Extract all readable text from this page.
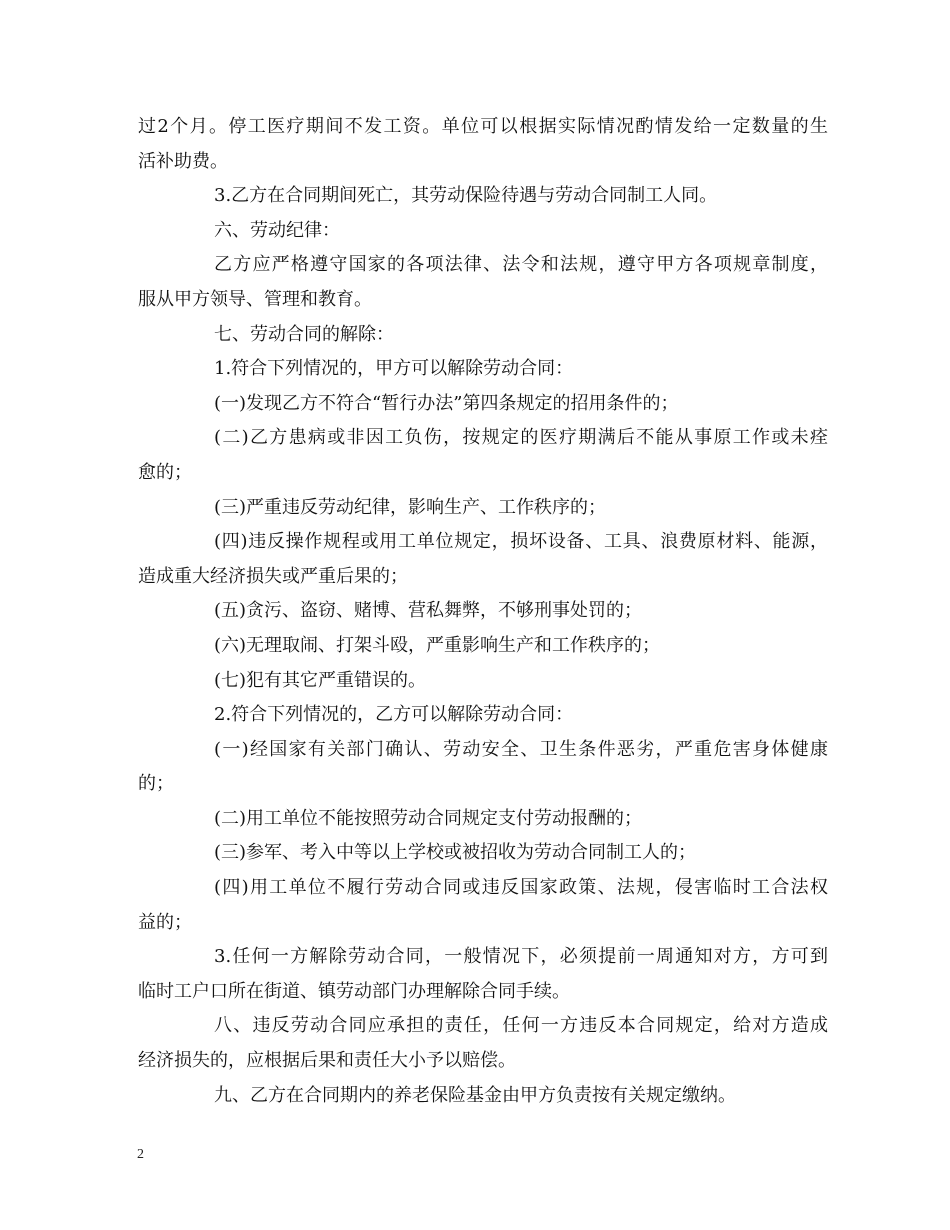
过2个月。停工医疗期间不发工资。单位可以根据实际情况酌情发给一定数量的生
活补助费。
3.乙方在合同期间死亡，其劳动保险待遇与劳动合同制工人同。
六、劳动纪律：
乙方应严格遵守国家的各项法律、法令和法规，遵守甲方各项规章制度，
服从甲方领导、管理和教育。
七、劳动合同的解除：
1.符合下列情况的，甲方可以解除劳动合同：
(一)发现乙方不符合“暂行办法”第四条规定的招用条件的；
(二)乙方患病或非因工负伤，按规定的医疗期满后不能从事原工作或未痊
愈的；
(三)严重违反劳动纪律，影响生产、工作秩序的；
(四)违反操作规程或用工单位规定，损坏设备、工具、浪费原材料、能源，
造成重大经济损失或严重后果的；
(五)贪污、盗窃、赌博、营私舞弊，不够刑事处罚的；
(六)无理取闹、打架斗殴，严重影响生产和工作秩序的；
(七)犯有其它严重错误的。
2.符合下列情况的，乙方可以解除劳动合同：
(一)经国家有关部门确认、劳动安全、卫生条件恶劣，严重危害身体健康
的；
(二)用工单位不能按照劳动合同规定支付劳动报酬的；
(三)参军、考入中等以上学校或被招收为劳动合同制工人的；
(四)用工单位不履行劳动合同或违反国家政策、法规，侵害临时工合法权
益的；
3.任何一方解除劳动合同，一般情况下，必须提前一周通知对方，方可到
临时工户口所在街道、镇劳动部门办理解除合同手续。
八、违反劳动合同应承担的责任，任何一方违反本合同规定，给对方造成
经济损失的，应根据后果和责任大小予以赔偿。
九、乙方在合同期内的养老保险基金由甲方负责按有关规定缴纳。
2
